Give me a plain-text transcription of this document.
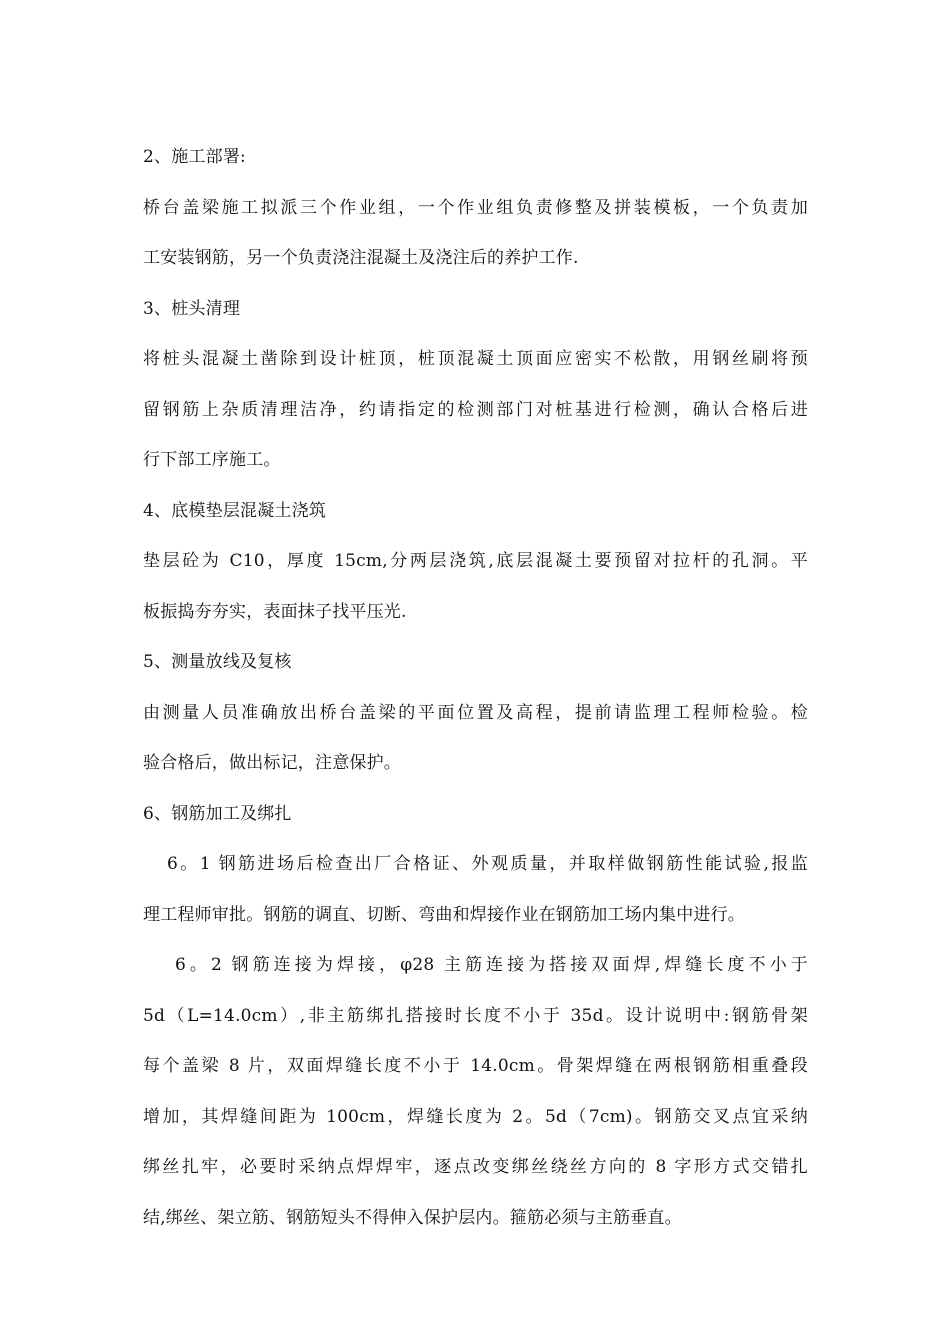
2、施工部署:
桥台盖梁施工拟派三个作业组，一个作业组负责修整及拼装模板，一个负责加
工安装钢筋，另一个负责浇注混凝土及浇注后的养护工作.
3、桩头清理
将桩头混凝土凿除到设计桩顶，桩顶混凝土顶面应密实不松散，用钢丝刷将预
留钢筋上杂质清理洁净，约请指定的检测部门对桩基进行检测，确认合格后进
行下部工序施工。
4、底模垫层混凝土浇筑
垫层砼为 C10，厚度 15cm,分两层浇筑,底层混凝土要预留对拉杆的孔洞。平
板振捣夯夯实，表面抹子找平压光.
5、测量放线及复核
由测量人员准确放出桥台盖梁的平面位置及高程，提前请监理工程师检验。检
验合格后，做出标记，注意保护。
6、钢筋加工及绑扎
6。1 钢筋进场后检查出厂合格证、外观质量，并取样做钢筋性能试验,报监
理工程师审批。钢筋的调直、切断、弯曲和焊接作业在钢筋加工场内集中进行。
6。2 钢筋连接为焊接，φ28 主筋连接为搭接双面焊,焊缝长度不小于
5d（L=14.0cm）,非主筋绑扎搭接时长度不小于 35d。设计说明中:钢筋骨架
每个盖梁 8 片，双面焊缝长度不小于 14.0cm。骨架焊缝在两根钢筋相重叠段
增加，其焊缝间距为 100cm，焊缝长度为 2。5d（7cm)。钢筋交叉点宜采纳
绑丝扎牢，必要时采纳点焊焊牢，逐点改变绑丝绕丝方向的 8 字形方式交错扎
结,绑丝、架立筋、钢筋短头不得伸入保护层内。箍筋必须与主筋垂直。
